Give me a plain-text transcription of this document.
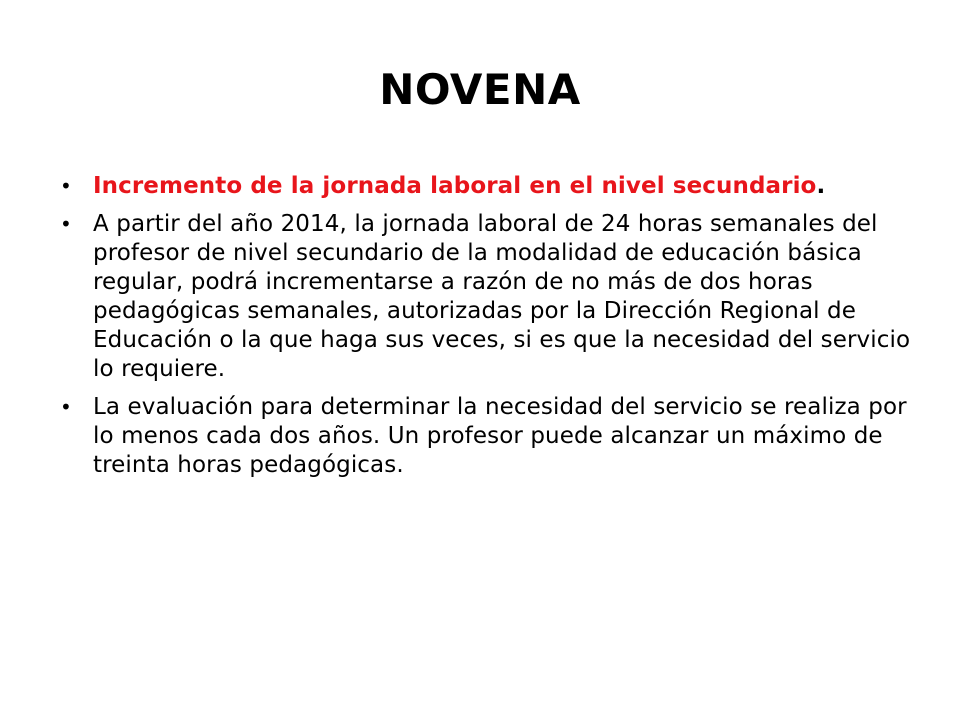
NOVENA
• Incremento de la jornada laboral en el nivel secundario.
• A partir del año 2014, la jornada laboral de 24 horas semanales del profesor de nivel secundario de la modalidad de educación básica regular, podrá incrementarse a razón de no más de dos horas pedagógicas semanales, autorizadas por la Dirección Regional de Educación o la que haga sus veces, si es que la necesidad del servicio lo requiere.
• La evaluación para determinar la necesidad del servicio se realiza por lo menos cada dos años. Un profesor puede alcanzar un máximo de treinta horas pedagógicas.
